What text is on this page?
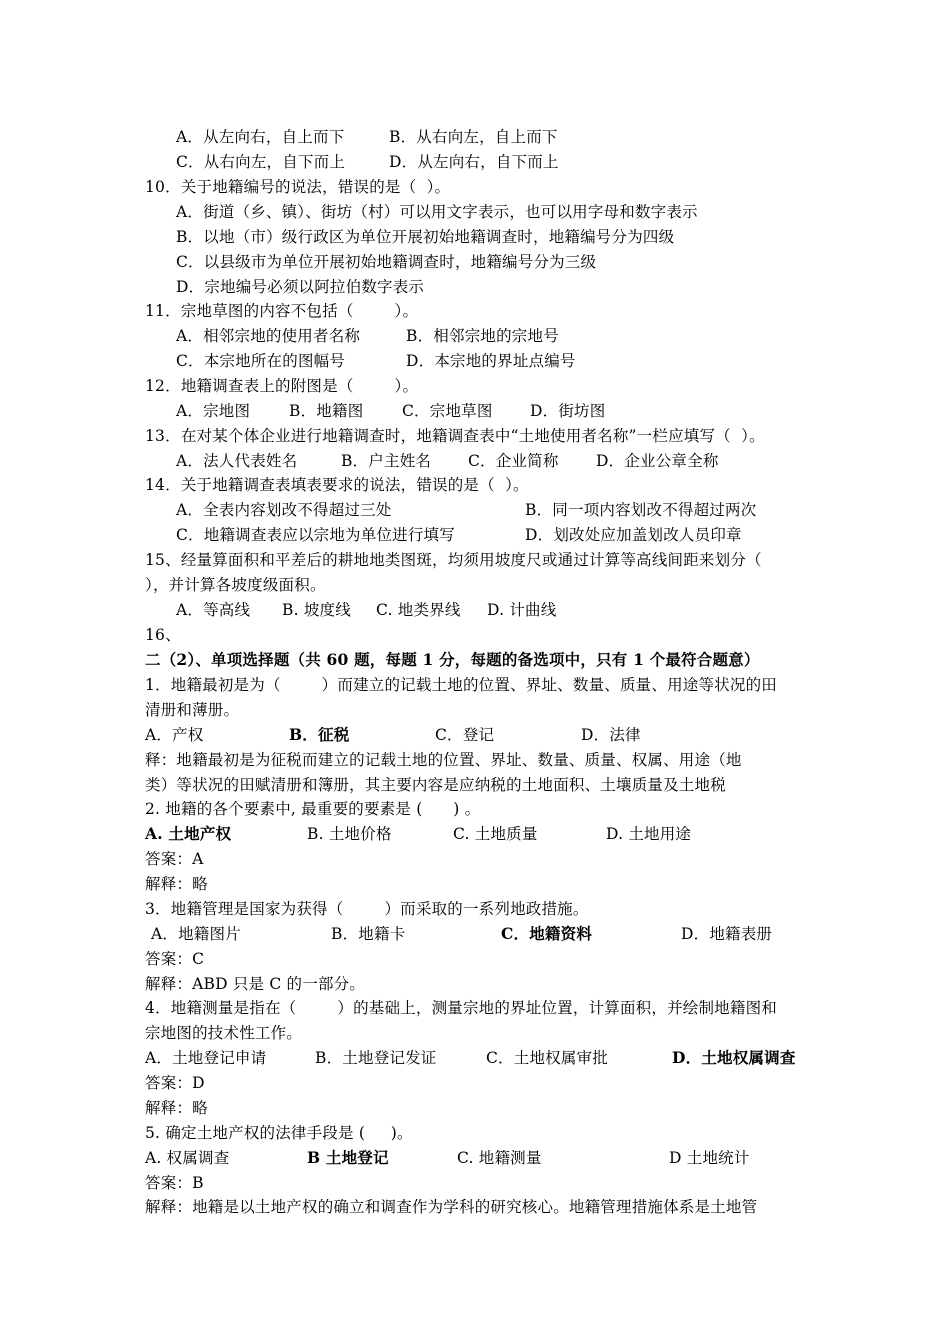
A．从左向右，自上而下	B．从右向左，自上而下
C．从右向左，自下而上	D．从左向右，自下而上
10．关于地籍编号的说法，错误的是（  ）。
A．街道（乡、镇）、街坊（村）可以用文字表示，也可以用字母和数字表示
B．以地（市）级行政区为单位开展初始地籍调查时，地籍编号分为四级
C．以县级市为单位开展初始地籍调查时，地籍编号分为三级
D．宗地编号必须以阿拉伯数字表示
11．宗地草图的内容不包括（        ）。
A．相邻宗地的使用者名称	B．相邻宗地的宗地号
C．本宗地所在的图幅号	D．本宗地的界址点编号
12．地籍调查表上的附图是（        ）。
A．宗地图	B．地籍图 C．宗地草图 D．街坊图
13．在对某个体企业进行地籍调查时，地籍调查表中“土地使用者名称”一栏应填写（  ）。
A．法人代表姓名	B．户主姓名 C．企业简称 D．企业公章全称
14．关于地籍调查表填表要求的说法，错误的是（  ）。
A．全表内容划改不得超过三处	B．同一项内容划改不得超过两次
C．地籍调查表应以宗地为单位进行填写	D．划改处应加盖划改人员印章
15、经量算面积和平差后的耕地地类图斑，均须用坡度尺或通过计算等高线间距来划分（
），并计算各坡度级面积。
A．等高线 B. 坡度线 C. 地类界线 D. 计曲线
16、
二（2）、单项选择题（共 60 题，每题 1 分，每题的备选项中，只有 1 个最符合题意）
1．地籍最初是为（        ）而建立的记载土地的位置、界址、数量、质量、用途等状况的田
清册和薄册。
A．产权	B．征税	C．登记	D．法律
释：地籍最初是为征税而建立的记载土地的位置、界址、数量、质量、权属、用途（地
类）等状况的田赋清册和簿册，其主要内容是应纳税的土地面积、土壤质量及土地税
2. 地籍的各个要素中, 最重要的要素是 (      ) 。
A. 土地产权	B. 土地价格	C. 土地质量	D. 土地用途
答案：A
解释：略
3．地籍管理是国家为获得（        ）而采取的一系列地政措施。
A．地籍图片	B．地籍卡	C．地籍资料	D．地籍表册
答案：C
解释：ABD 只是 C 的一部分。
4．地籍测量是指在（        ）的基础上，测量宗地的界址位置，计算面积，并绘制地籍图和
宗地图的技术性工作。
A．土地登记申请	B．土地登记发证	C．土地权属审批	D．土地权属调查
答案：D
解释：略
5. 确定土地产权的法律手段是 (     )。
A. 权属调查	B 土地登记	C. 地籍测量	D 土地统计
答案：B
解释：地籍是以土地产权的确立和调查作为学科的研究核心。地籍管理措施体系是土地管
